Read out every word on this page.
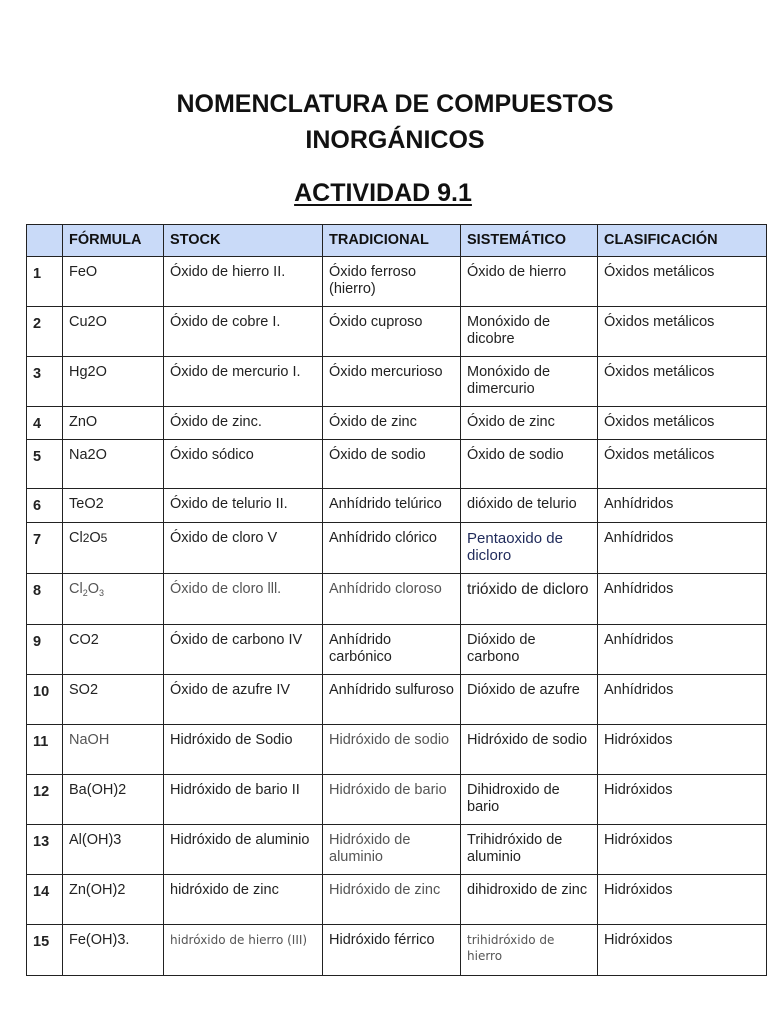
NOMENCLATURA DE COMPUESTOS
INORGÁNICOS
ACTIVIDAD 9.1
	FÓRMULA	STOCK	TRADICIONAL	SISTEMÁTICO	CLASIFICACIÓN
1	FeO	Óxido de hierro II.	Óxido ferroso (hierro)	Óxido de hierro	Óxidos metálicos
2	Cu2O	Óxido de cobre I.	Óxido cuproso	Monóxido de dicobre	Óxidos metálicos
3	Hg2O	Óxido de mercurio I.	Óxido mercurioso	Monóxido de dimercurio	Óxidos metálicos
4	ZnO	Óxido de zinc.	Óxido de zinc	Óxido de zinc	Óxidos metálicos
5	Na2O	Óxido sódico	Óxido de sodio	Óxido de sodio	Óxidos metálicos
6	TeO2	Óxido de telurio II.	Anhídrido telúrico	dióxido de telurio	Anhídridos
7	Cl2O5	Óxido de cloro V	Anhídrido clórico	Pentaoxido de dicloro	Anhídridos
8	$Cl_2O_3$	Óxido de cloro lll.	Anhídrido cloroso	trióxido de dicloro	Anhídridos
9	CO2	Óxido de carbono IV	Anhídrido carbónico	Dióxido de carbono	Anhídridos
10	SO2	Óxido de azufre IV	Anhídrido sulfuroso	Dióxido de azufre	Anhídridos
11	NaOH	Hidróxido de Sodio	Hidróxido de sodio	Hidróxido de sodio	Hidróxidos
12	Ba(OH)2	Hidróxido de bario II	Hidróxido de bario	Dihidroxido de bario	Hidróxidos
13	Al(OH)3	Hidróxido de aluminio	Hidróxido de aluminio	Trihidróxido de aluminio	Hidróxidos
14	Zn(OH)2	hidróxido de zinc	Hidróxido de zinc	dihidroxido de zinc	Hidróxidos
15	Fe(OH)3.	hidróxido de hierro (III)	Hidróxido férrico	trihidróxido de hierro	Hidróxidos
